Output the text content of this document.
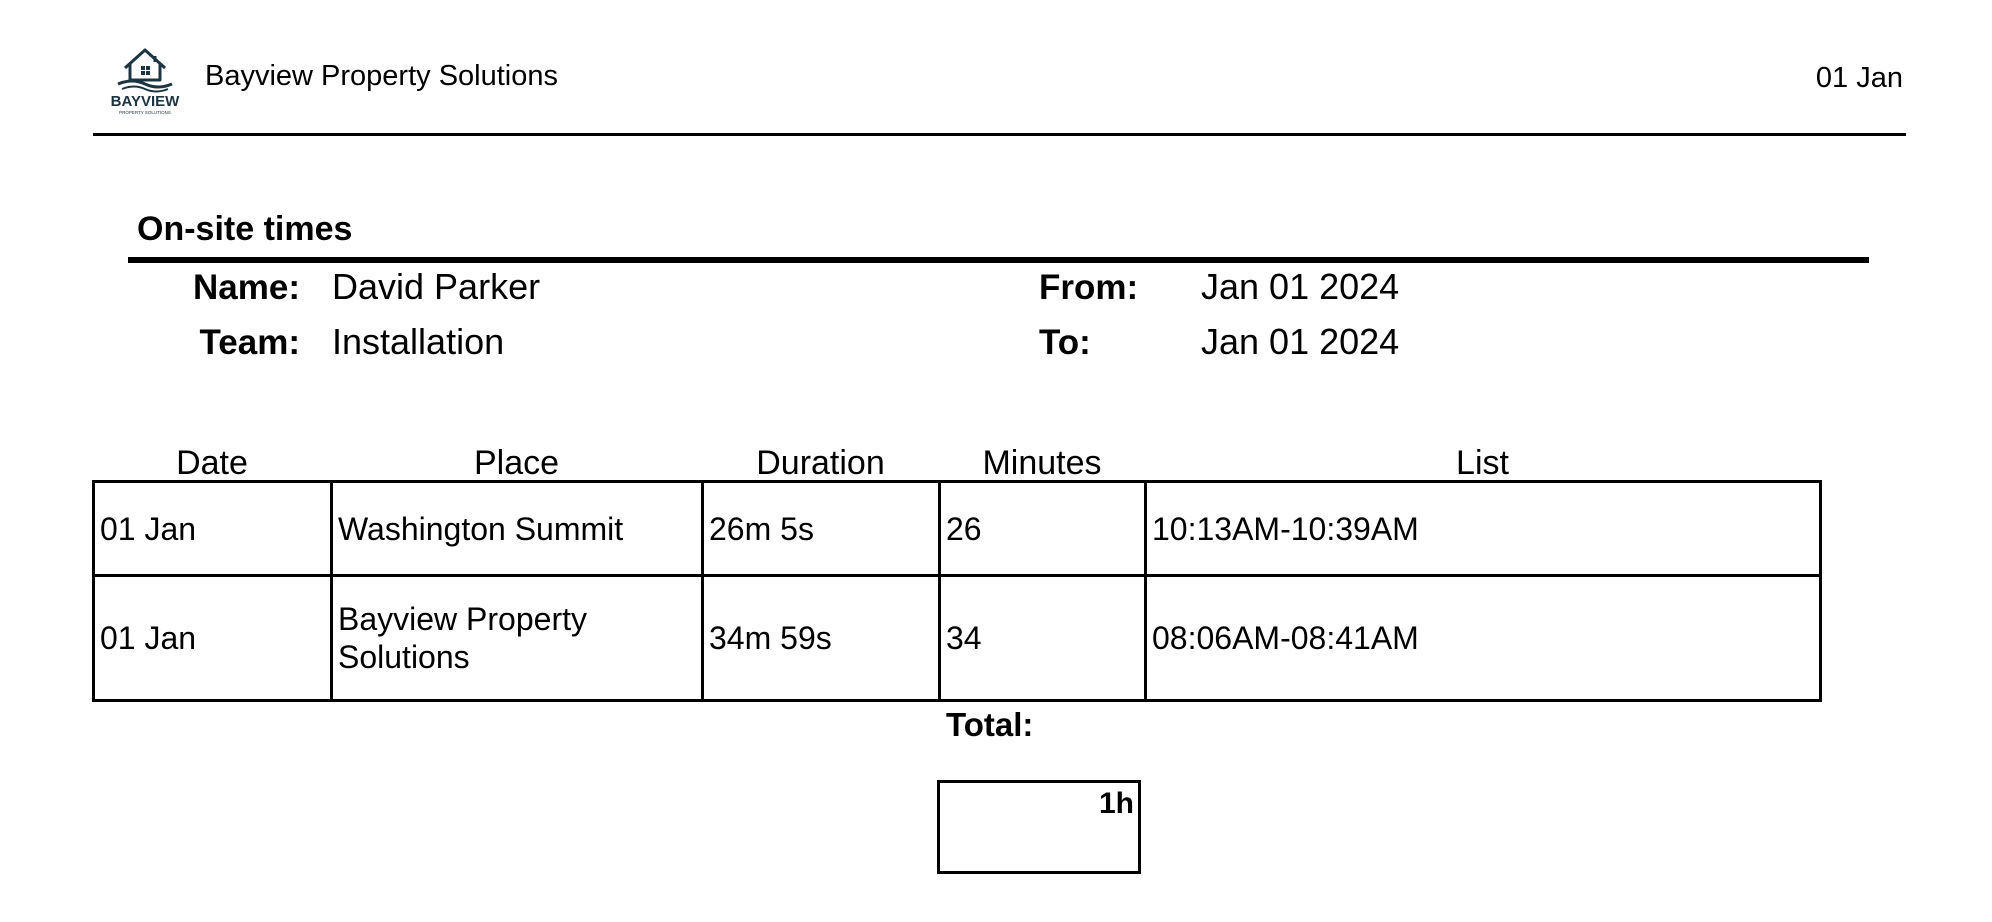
BAYVIEW
PROPERTY SOLUTIONS
Bayview Property Solutions	01 Jan
On-site times
Name: David Parker
Team: Installation
From: Jan 01 2024
To:	Jan 01 2024
Date	Place	Duration	Minutes	List
01 Jan	Washington Summit	26m 5s	26	10:13AM-10:39AM
01 Jan	Bayview Property Solutions	34m 59s	34	08:06AM-08:41AM
Total:
1h
